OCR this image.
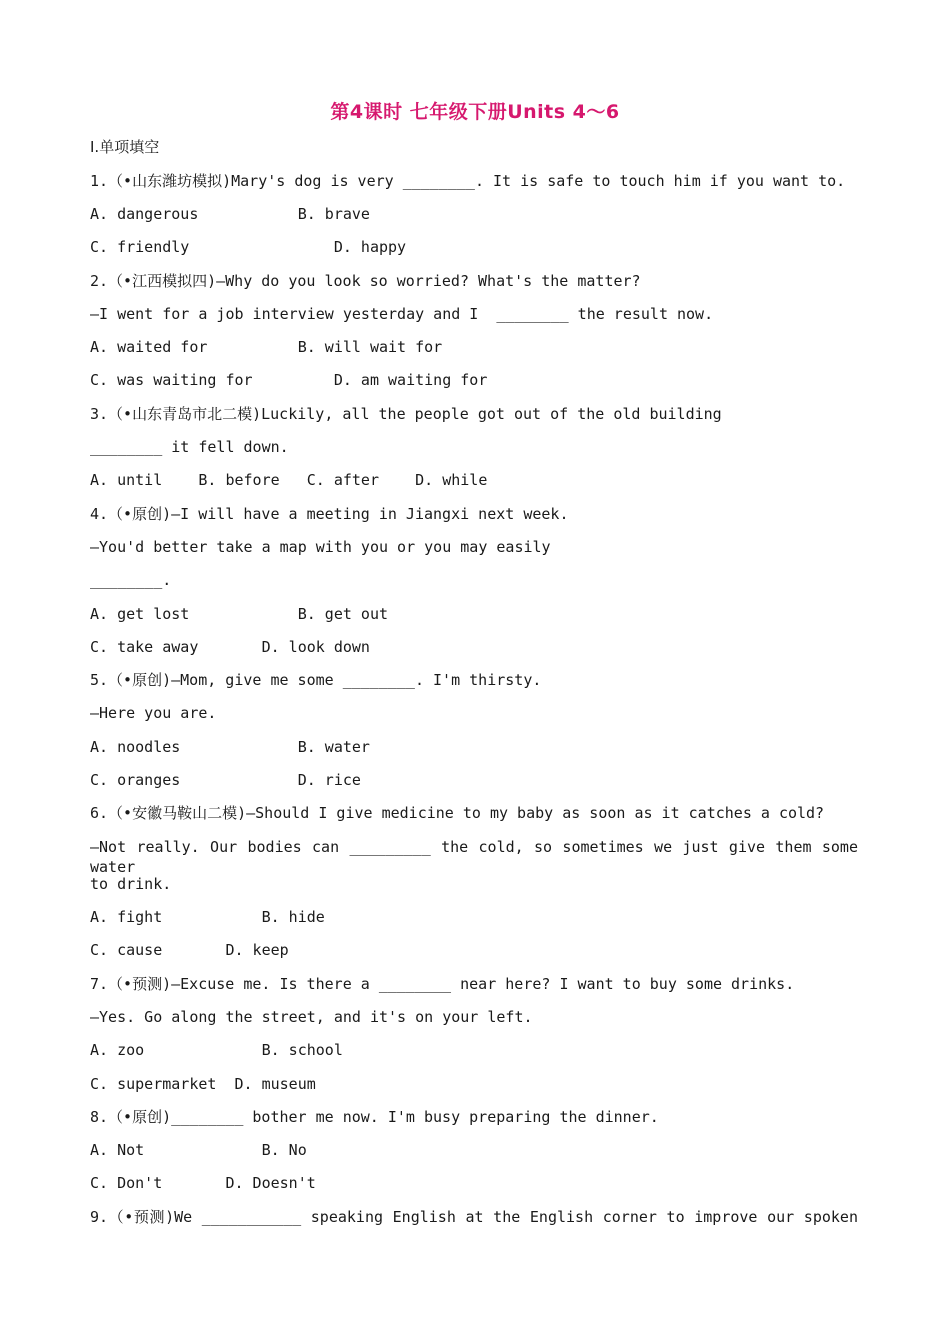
第4课时 七年级下册Units 4～6
Ⅰ.单项填空
1.（•山东潍坊模拟)Mary's dog is very ________. It is safe to touch him if you want to.
A. dangerous           B. brave
C. friendly                D. happy
2.（•江西模拟四)—Why do you look so worried? What's the matter?
—I went for a job interview yesterday and I  ________ the result now.
A. waited for          B. will wait for
C. was waiting for         D. am waiting for
3.（•山东青岛市北二模)Luckily, all the people got out of the old building
________ it fell down.
A. until    B. before   C. after    D. while
4.（•原创)—I will have a meeting in Jiangxi next week.
—You'd better take a map with you or you may easily
________.
A. get lost            B. get out
C. take away       D. look down
5.（•原创)—Mom, give me some ________. I'm thirsty.
—Here you are.
A. noodles             B. water
C. oranges             D. rice
6.（•安徽马鞍山二模)—Should I give medicine to my baby as soon as it catches a cold?
—Not really. Our bodies can _________ the cold, so sometimes we just give them some water
to drink.
A. fight           B. hide
C. cause       D. keep
7.（•预测)—Excuse me. Is there a ________ near here? I want to buy some drinks.
—Yes. Go along the street, and it's on your left.
A. zoo             B. school
C. supermarket  D. museum
8.（•原创)________ bother me now. I'm busy preparing the dinner.
A. Not             B. No
C. Don't       D. Doesn't
9.（•预测)We ___________ speaking English at the English corner to improve our spoken
